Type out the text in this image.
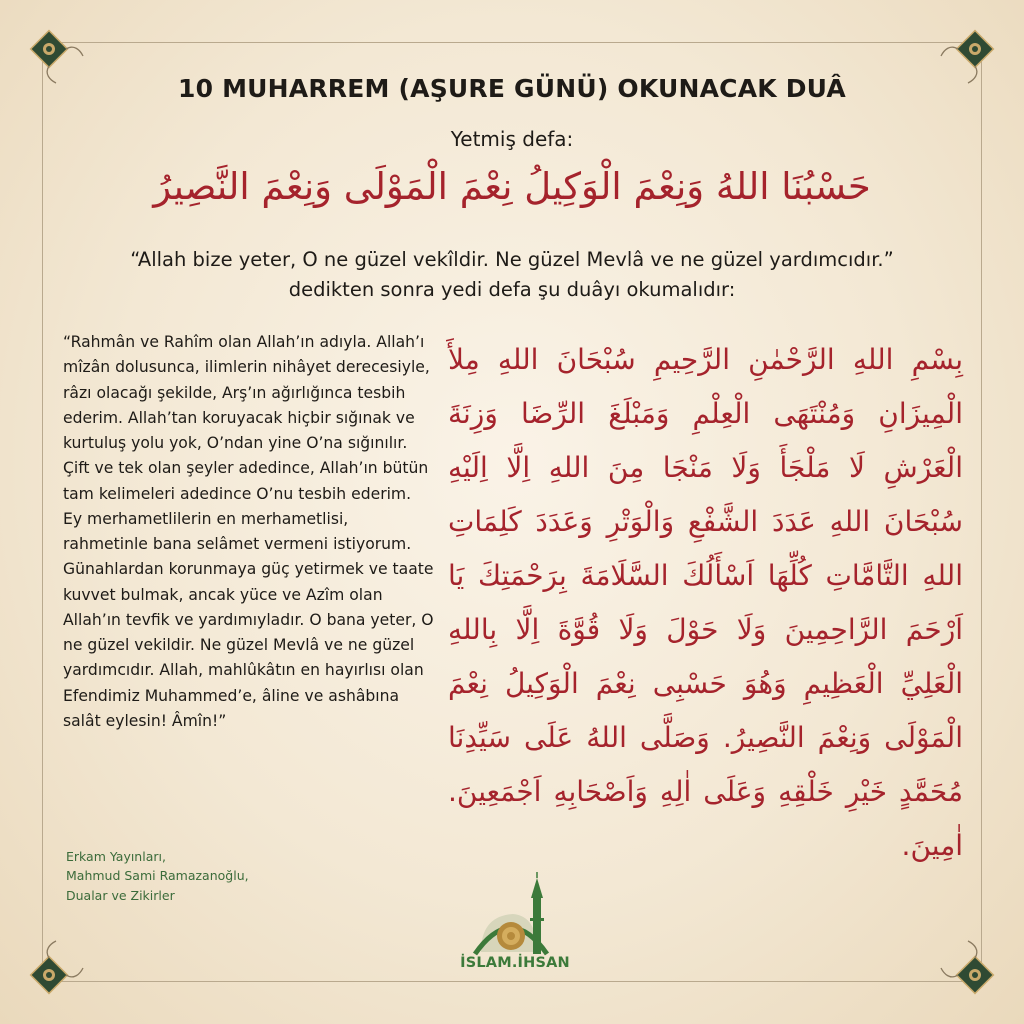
10 MUHARREM (AŞURE GÜNÜ) OKUNACAK DUÂ
Yetmiş defa:
حَسْبُنَا اللهُ وَنِعْمَ الْوَكِيلُ نِعْمَ الْمَوْلَى وَنِعْمَ النَّصِيرُ
“Allah bize yeter, O ne güzel vekîldir. Ne güzel Mevlâ ve ne güzel yardımcıdır.”
dedikten sonra yedi defa şu duâyı okumalıdır:
“Rahmân ve Rahîm olan Allah’ın adıyla. Allah’ı mîzân dolusunca, ilimlerin nihâyet derecesiyle, râzı olacağı şekilde, Arş’ın ağırlığınca tesbih ederim. Allah’tan koruyacak hiçbir sığınak ve kurtuluş yolu yok, O’ndan yine O’na sığınılır. Çift ve tek olan şeyler adedince, Allah’ın bütün tam kelimeleri adedince O’nu tesbih ederim. Ey merhametlilerin en merhametlisi, rahmetinle bana selâmet vermeni istiyorum. Günahlardan korunmaya güç yetirmek ve taate kuvvet bulmak, ancak yüce ve Azîm olan Allah’ın tevfik ve yardımıyladır. O bana yeter, O ne güzel vekildir. Ne güzel Mevlâ ve ne güzel yardımcıdır. Allah, mahlûkâtın en hayırlısı olan Efendimiz Muhammed’e, âline ve ashâbına salât eylesin! Âmîn!”
Erkam Yayınları,
Mahmud Sami Ramazanoğlu,
Dualar ve Zikirler
بِسْمِ اللهِ الرَّحْمٰنِ الرَّحِيمِ سُبْحَانَ اللهِ مِلأَ الْمِيزَانِ وَمُنْتَهَى الْعِلْمِ وَمَبْلَغَ الرِّضَا وَزِنَةَ الْعَرْشِ لَا مَلْجَأَ وَلَا مَنْجَا مِنَ اللهِ اِلَّا اِلَيْهِ سُبْحَانَ اللهِ عَدَدَ الشَّفْعِ وَالْوَتْرِ وَعَدَدَ كَلِمَاتِ اللهِ التَّامَّاتِ كُلِّهَا اَسْأَلُكَ السَّلَامَةَ بِرَحْمَتِكَ يَا اَرْحَمَ الرَّاحِمِينَ وَلَا حَوْلَ وَلَا قُوَّةَ اِلَّا بِاللهِ الْعَلِيِّ الْعَظِيمِ وَهُوَ حَسْبِى نِعْمَ الْوَكِيلُ نِعْمَ الْمَوْلَى وَنِعْمَ النَّصِيرُ. وَصَلَّى اللهُ عَلَى سَيِّدِنَا مُحَمَّدٍ خَيْرِ خَلْقِهِ وَعَلَى اٰلِهِ وَاَصْحَابِهِ اَجْمَعِينَ. اٰمِينَ.
İSLAM.İHSAN
